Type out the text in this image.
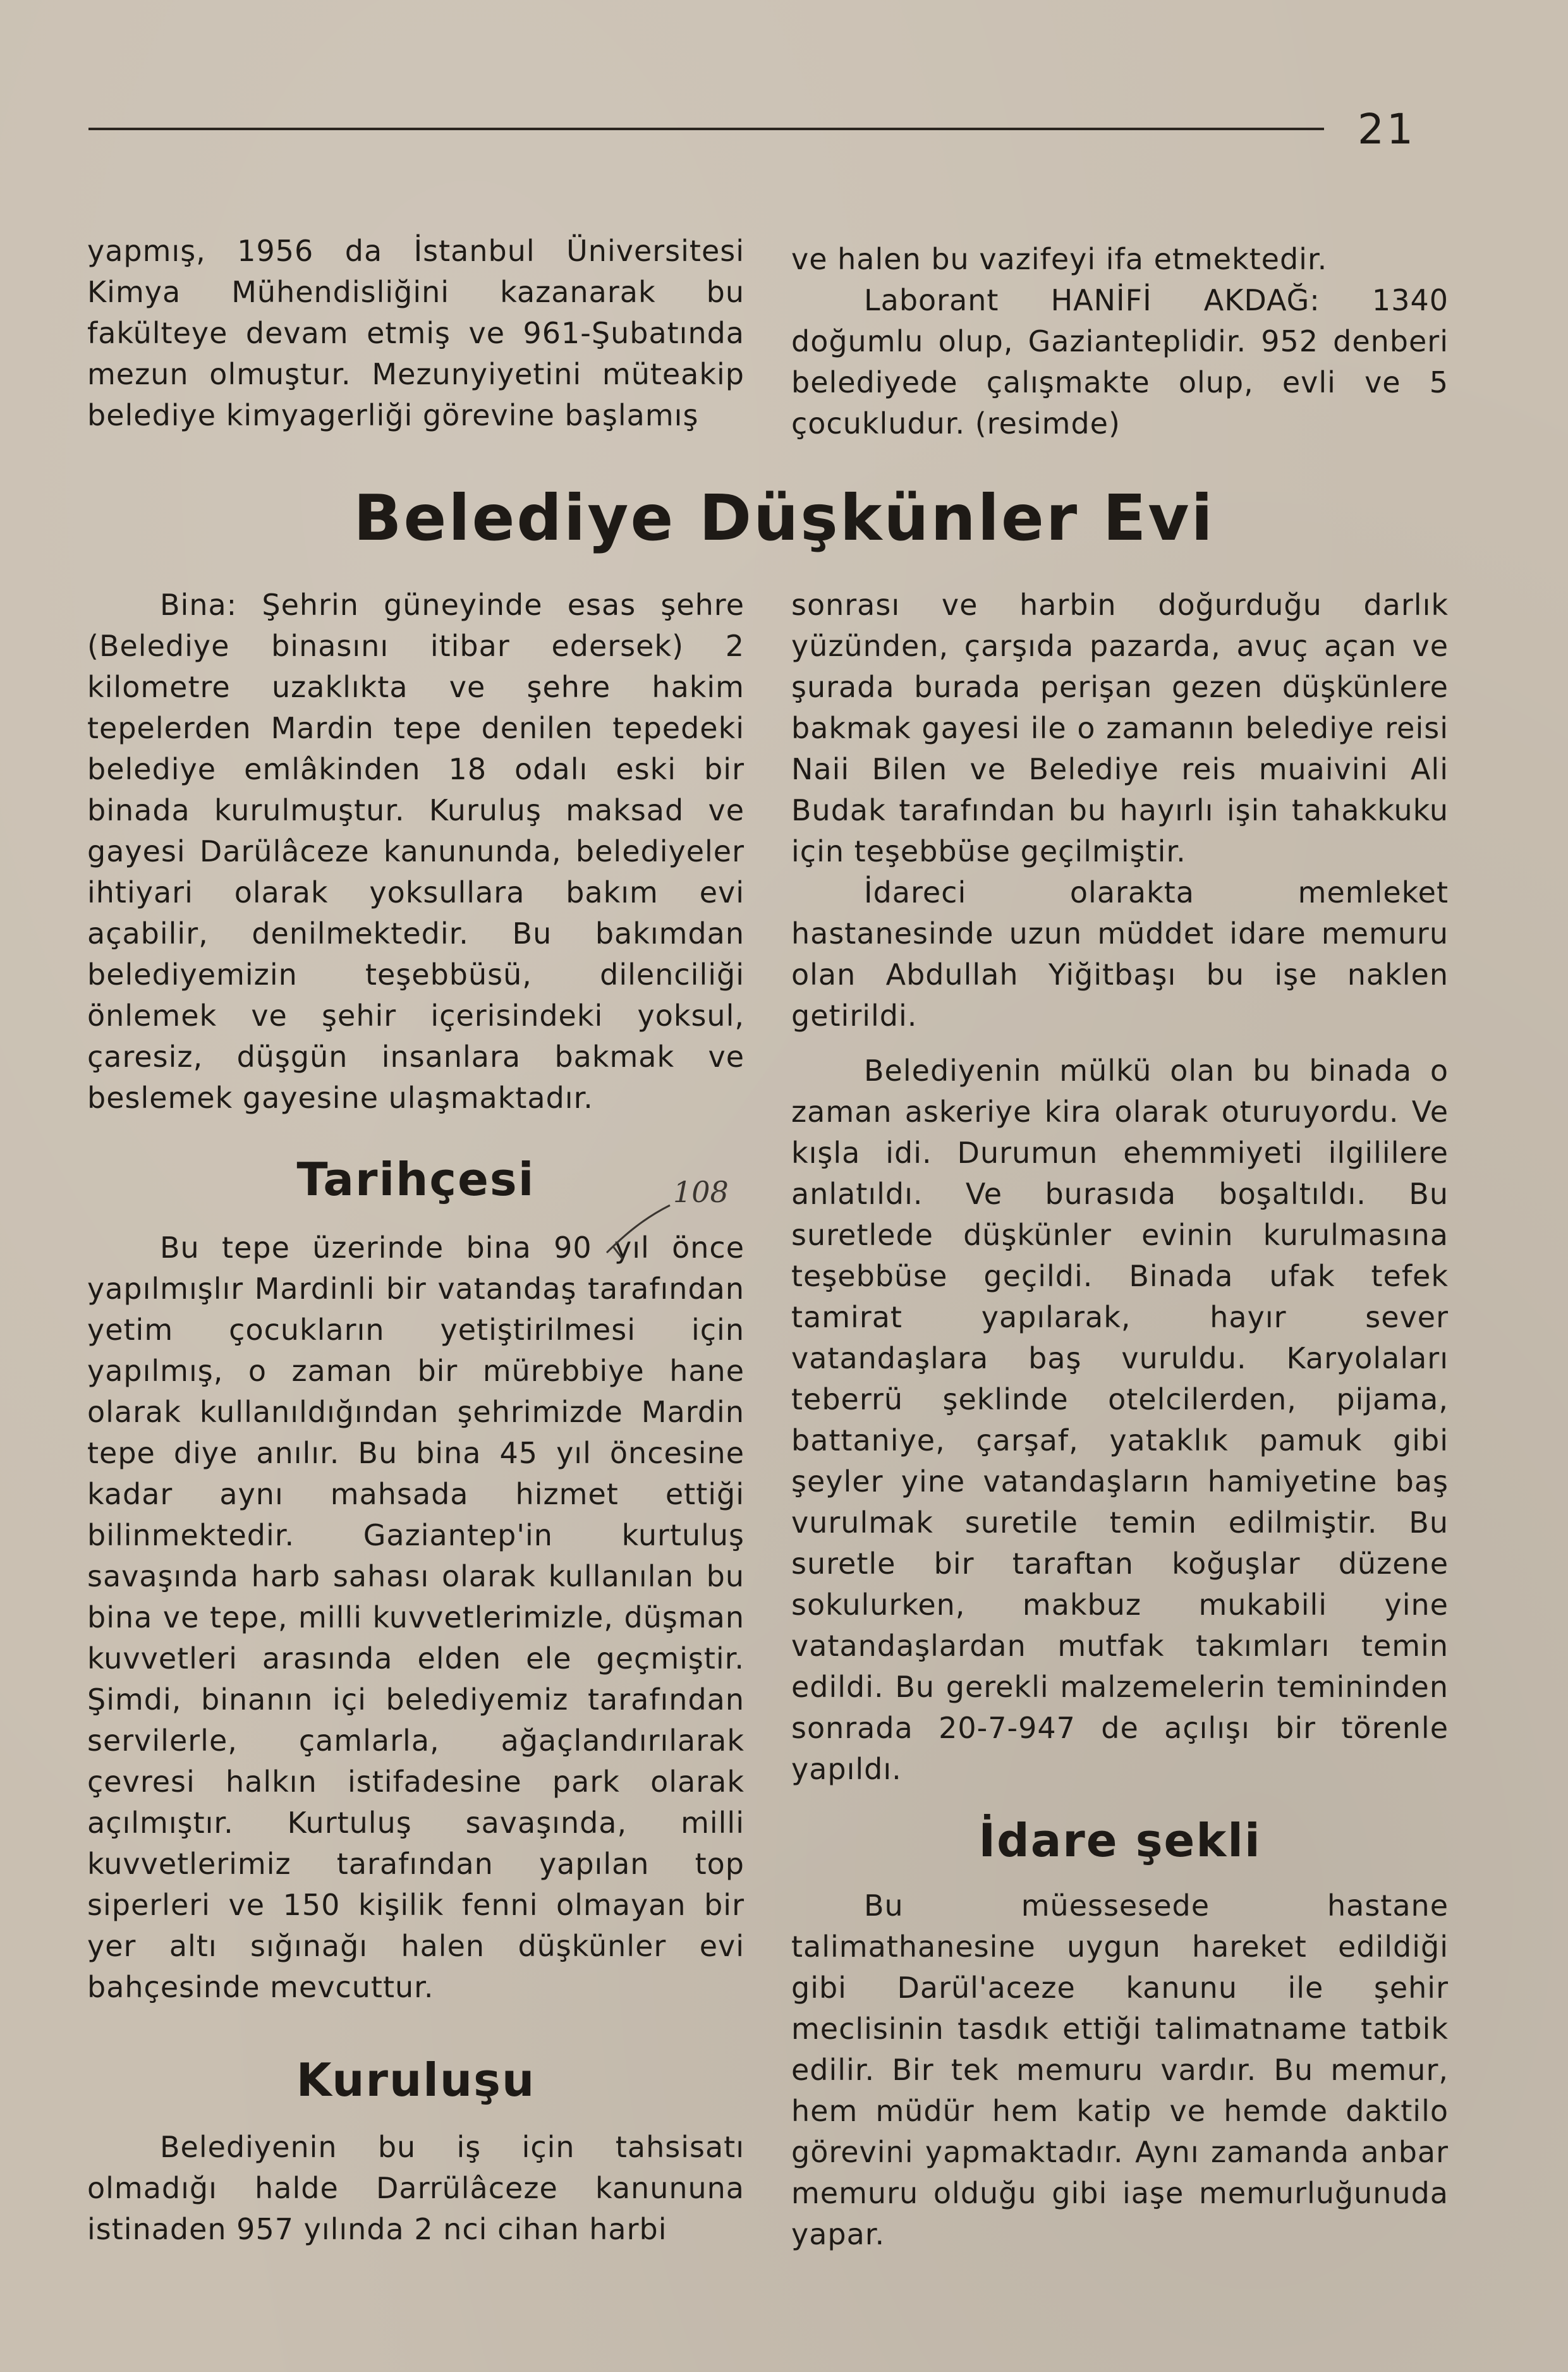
21

yapmış, 1956 da İstanbul Üniversitesi Kimya Mühendisliğini kazanarak bu fakülteye devam etmiş ve 961-Şubatında mezun olmuştur. Mezunyiyetini müteakip belediye kimyagerliği görevine başlamış

ve halen bu vazifeyi ifa etmektedir.

Laborant HANİFİ AKDAĞ: 1340 doğumlu olup, Gazianteplidir. 952 denberi belediyede çalışmakte olup, evli ve 5 çocukludur. (resimde)

Belediye Düşkünler Evi

Bina: Şehrin güneyinde esas şehre (Belediye binasını itibar edersek) 2 kilometre uzaklıkta ve şehre hakim tepelerden Mardin tepe denilen tepedeki belediye emlâkinden 18 odalı eski bir binada kurulmuştur. Kuruluş maksad ve gayesi Darülâceze kanununda, belediyeler ihtiyari olarak yoksullara bakım evi açabilir, denilmektedir. Bu bakımdan belediyemizin teşebbüsü, dilenciliği önlemek ve şehir içerisindeki yoksul, çaresiz, düşgün insanlara bakmak ve beslemek gayesine ulaşmaktadır.

Tarihçesi

Bu tepe üzerinde bina 90 yıl önce yapılmışlır Mardinli bir vatandaş tarafından yetim çocukların yetiştirilmesi için yapılmış, o zaman bir mürebbiye hane olarak kullanıldığından şehrimizde Mardin tepe diye anılır. Bu bina 45 yıl öncesine kadar aynı mahsada hizmet ettiği bilinmektedir. Gaziantep'in kurtuluş savaşında harb sahası olarak kullanılan bu bina ve tepe, milli kuvvetlerimizle, düşman kuvvetleri arasında elden ele geçmiştir. Şimdi, binanın içi belediyemiz tarafından servilerle, çamlarla, ağaçlandırılarak çevresi halkın istifadesine park olarak açılmıştır. Kurtuluş savaşında, milli kuvvetlerimiz tarafından yapılan top siperleri ve 150 kişilik fenni olmayan bir yer altı sığınağı halen düşkünler evi bahçesinde mevcuttur.

Kuruluşu

Belediyenin bu iş için tahsisatı olmadığı halde Darrülâceze kanununa istinaden 957 yılında 2 nci cihan harbi

sonrası ve harbin doğurduğu darlık yüzünden, çarşıda pazarda, avuç açan ve şurada burada perişan gezen düşkünlere bakmak gayesi ile o zamanın belediye reisi Naii Bilen ve Belediye reis muaivini Ali Budak tarafından bu hayırlı işin tahakkuku için teşebbüse geçilmiştir.

İdareci olarakta memleket hastanesinde uzun müddet idare memuru olan Abdullah Yiğitbaşı bu işe naklen getirildi.

Belediyenin mülkü olan bu binada o zaman askeriye kira olarak oturuyordu. Ve kışla idi. Durumun ehemmiyeti ilgililere anlatıldı. Ve burasıda boşaltıldı. Bu suretlede düşkünler evinin kurulmasına teşebbüse geçildi. Binada ufak tefek tamirat yapılarak, hayır sever vatandaşlara baş vuruldu. Karyolaları teberrü şeklinde otelcilerden, pijama, battaniye, çarşaf, yataklık pamuk gibi şeyler yine vatandaşların hamiyetine baş vurulmak suretile temin edilmiştir. Bu suretle bir taraftan koğuşlar düzene sokulurken, makbuz mukabili yine vatandaşlardan mutfak takımları temin edildi. Bu gerekli malzemelerin temininden sonrada 20-7-947 de açılışı bir törenle yapıldı.

İdare şekli

Bu müessesede hastane talimathanesine uygun hareket edildiği gibi Darül'aceze kanunu ile şehir meclisinin tasdık ettiği talimatname tatbik edilir. Bir tek memuru vardır. Bu memur, hem müdür hem katip ve hemde daktilo görevini yapmaktadır. Aynı zamanda anbar memuru olduğu gibi iaşe memurluğunuda yapar.

108
